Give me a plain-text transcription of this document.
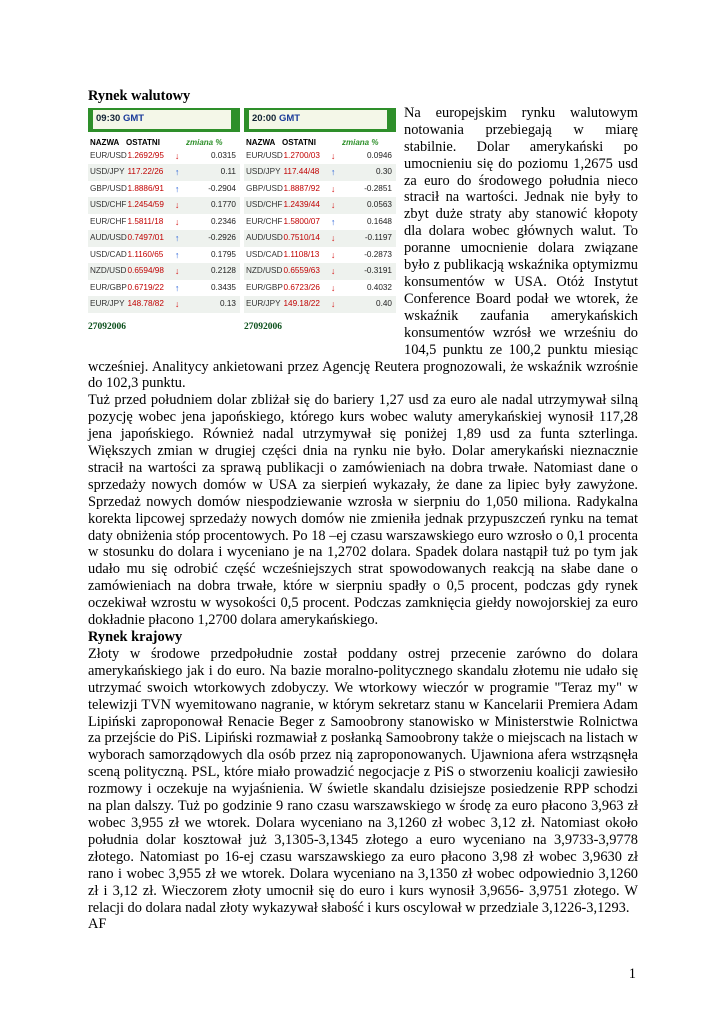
Rynek walutowy
09:30 GMT
NAZWA OSTATNI	zmiana %
EUR/USD 1.2692/95	↓	0.0315
USD/JPY 117.22/26	↑	0.11
GBP/USD 1.8886/91	↑	-0.2904
USD/CHF 1.2454/59	↓	0.1770
EUR/CHF 1.5811/18	↓	0.2346
AUD/USD 0.7497/01	↑	-0.2926
USD/CAD 1.1160/65	↑	0.1795
NZD/USD 0.6594/98	↓	0.2128
EUR/GBP 0.6719/22	↑	0.3435
EUR/JPY 148.78/82	↓	0.13
27092006
20:00 GMT
NAZWA OSTATNI	zmiana %
EUR/USD 1.2700/03	↓	0.0946
USD/JPY 117.44/48	↑	0.30
GBP/USD 1.8887/92	↓	-0.2851
USD/CHF 1.2439/44	↓	0.0563
EUR/CHF 1.5800/07	↑	0.1648
AUD/USD 0.7510/14	↓	-0.1197
USD/CAD 1.1108/13	↓	-0.2873
NZD/USD 0.6559/63	↓	-0.3191
EUR/GBP 0.6723/26	↓	0.4032
EUR/JPY 149.18/22	↓	0.40
27092006

Na europejskim rynku walutowym notowania przebiegają w miarę stabilnie. Dolar amerykański po umocnieniu się do poziomu 1,2675 usd za euro do środowego południa nieco stracił na wartości. Jednak nie były to zbyt duże straty aby stanowić kłopoty dla dolara wobec głównych walut. To poranne umocnienie dolara związane było z publikacją wskaźnika optymizmu konsumentów w USA. Otóż Instytut Conference Board podał we wtorek, że wskaźnik zaufania amerykańskich konsumentów wzrósł we wrześniu do 104,5 punktu ze 100,2 punktu miesiąc wcześniej. Analitycy ankietowani przez Agencję Reutera prognozowali, że wskaźnik wzrośnie do 102,3 punktu.

Tuż przed południem dolar zbliżał się do bariery 1,27 usd za euro ale nadal utrzymywał silną pozycję wobec jena japońskiego, którego kurs wobec waluty amerykańskiej wynosił 117,28 jena japońskiego. Również nadal utrzymywał się poniżej 1,89 usd za funta szterlinga. Większych zmian w drugiej części dnia na rynku nie było. Dolar amerykański nieznacznie stracił na wartości za sprawą publikacji o zamówieniach na dobra trwałe. Natomiast dane o sprzedaży nowych domów w USA za sierpień wykazały, że dane za lipiec były zawyżone. Sprzedaż nowych domów niespodziewanie wzrosła w sierpniu do 1,050 miliona. Radykalna korekta lipcowej sprzedaży nowych domów nie zmieniła jednak przypuszczeń rynku na temat daty obniżenia stóp procentowych. Po 18 –ej czasu warszawskiego euro wzrosło o 0,1 procenta w stosunku do dolara i wyceniano je na 1,2702 dolara. Spadek dolara nastąpił tuż po tym jak udało mu się odrobić część wcześniejszych strat spowodowanych reakcją na słabe dane o zamówieniach na dobra trwałe, które w sierpniu spadły o 0,5 procent, podczas gdy rynek oczekiwał wzrostu w wysokości 0,5 procent. Podczas zamknięcia giełdy nowojorskiej za euro dokładnie płacono 1,2700 dolara amerykańskiego.

Rynek krajowy

Złoty w środowe przedpołudnie został poddany ostrej przecenie zarówno do dolara amerykańskiego jak i do euro. Na bazie moralno-politycznego skandalu złotemu nie udało się utrzymać swoich wtorkowych zdobyczy. We wtorkowy wieczór w programie "Teraz my" w telewizji TVN wyemitowano nagranie, w którym sekretarz stanu w Kancelarii Premiera Adam Lipiński zaproponował Renacie Beger z Samoobrony stanowisko w Ministerstwie Rolnictwa za przejście do PiS. Lipiński rozmawiał z posłanką Samoobrony także o miejscach na listach w wyborach samorządowych dla osób przez nią zaproponowanych. Ujawniona afera wstrząsnęła sceną polityczną. PSL, które miało prowadzić negocjacje z PiS o stworzeniu koalicji zawiesiło rozmowy i oczekuje na wyjaśnienia. W świetle skandalu dzisiejsze posiedzenie RPP schodzi na plan dalszy. Tuż po godzinie 9 rano czasu warszawskiego w środę za euro płacono 3,963 zł wobec 3,955 zł we wtorek. Dolara wyceniano na 3,1260 zł wobec 3,12 zł. Natomiast około południa dolar kosztował już 3,1305-3,1345 złotego a euro wyceniano na 3,9733-3,9778 złotego. Natomiast po 16-ej czasu warszawskiego za euro płacono 3,98 zł wobec 3,9630 zł rano i wobec 3,955 zł we wtorek. Dolara wyceniano na 3,1350 zł wobec odpowiednio 3,1260 zł i 3,12 zł. Wieczorem złoty umocnił się do euro i kurs wynosił 3,9656- 3,9751 złotego. W relacji do dolara nadal złoty wykazywał słabość i kurs oscylował w przedziale 3,1226-3,1293.

AF

1
